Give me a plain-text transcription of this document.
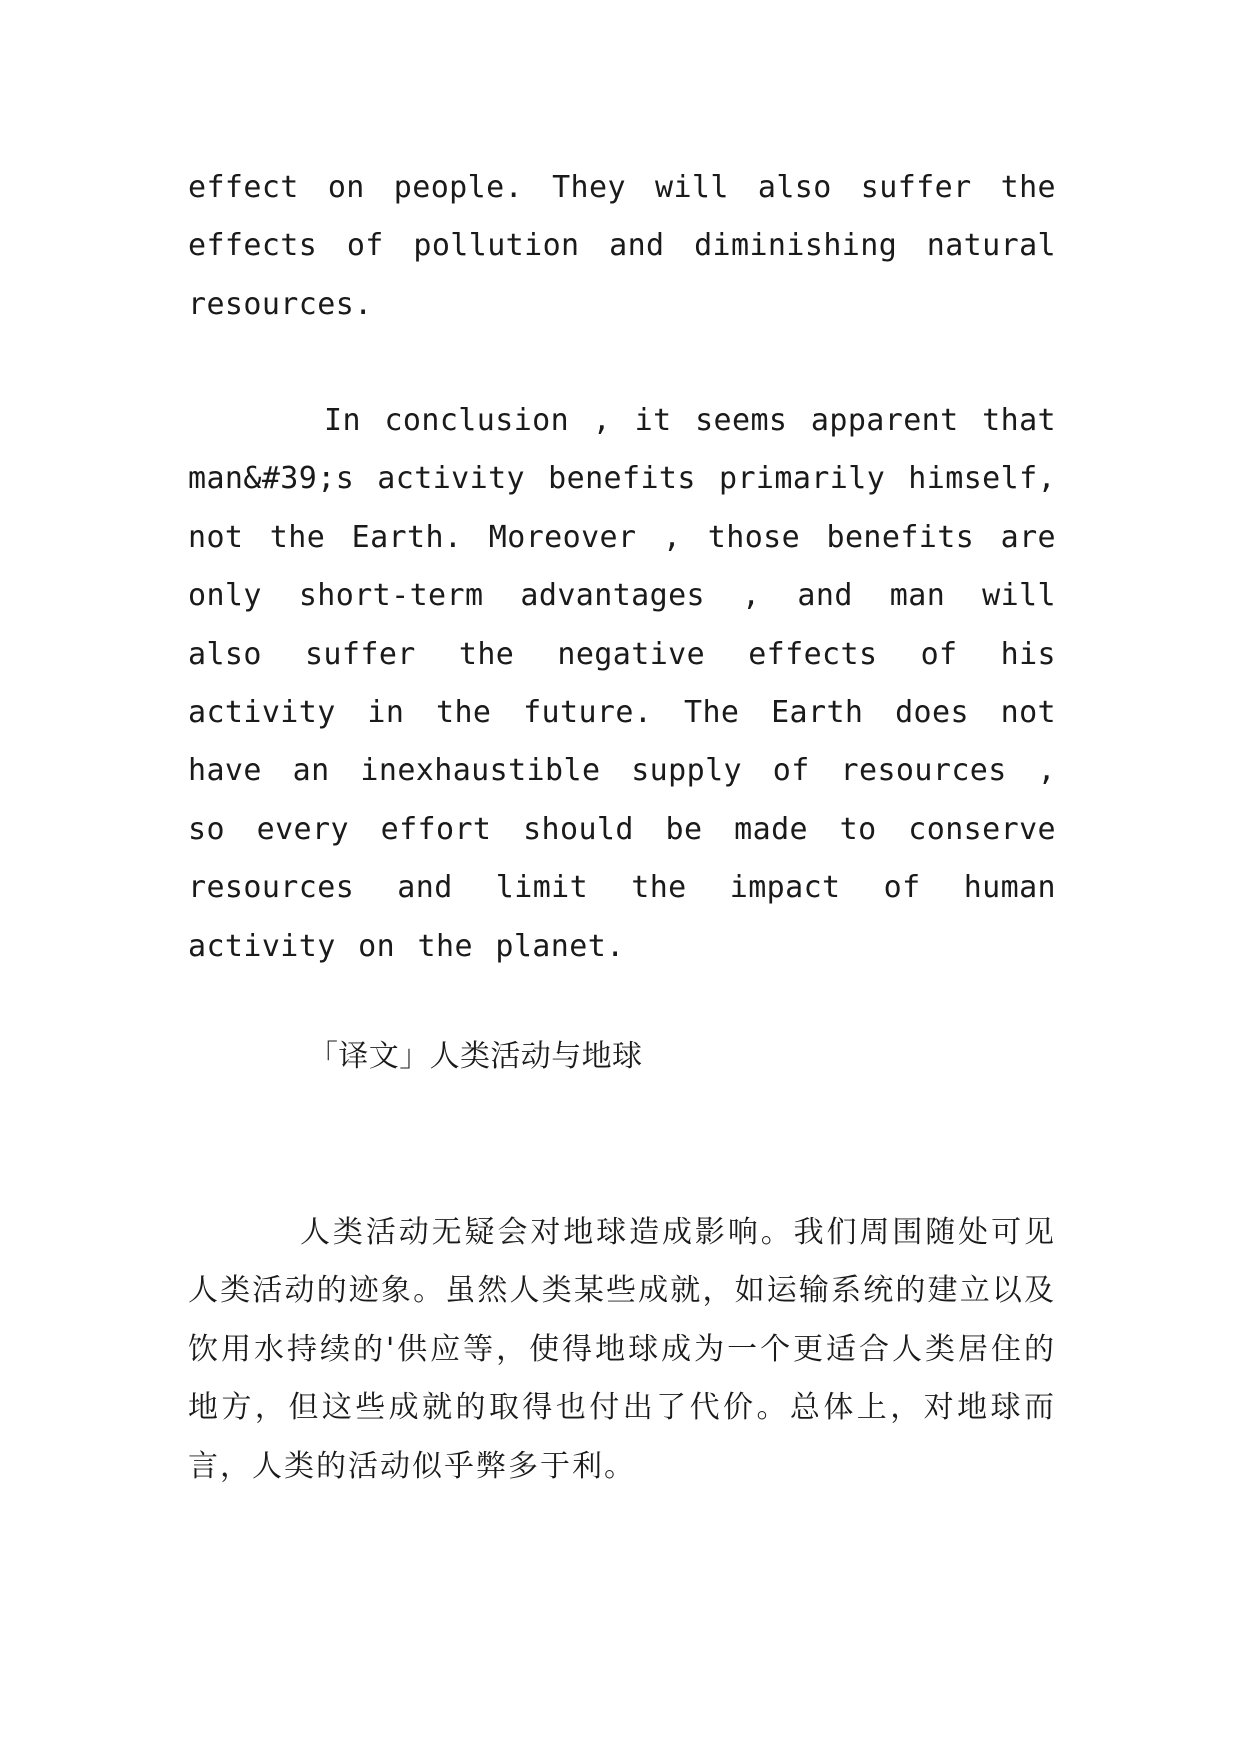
effect on people. They will also suffer the effects of pollution and diminishing natural resources.
In conclusion , it seems apparent that man&#39;s activity benefits primarily himself, not the Earth. Moreover , those benefits are only short-term advantages , and man will also suffer the negative effects of his activity in the future. The Earth does not have an inexhaustible supply of resources , so every effort should be made to conserve resources and limit the impact of human activity on the planet.
「译文」人类活动与地球
人类活动无疑会对地球造成影响。我们周围随处可见人类活动的迹象。虽然人类某些成就，如运输系统的建立以及饮用水持续的'供应等，使得地球成为一个更适合人类居住的地方，但这些成就的取得也付出了代价。总体上，对地球而言，人类的活动似乎弊多于利。
